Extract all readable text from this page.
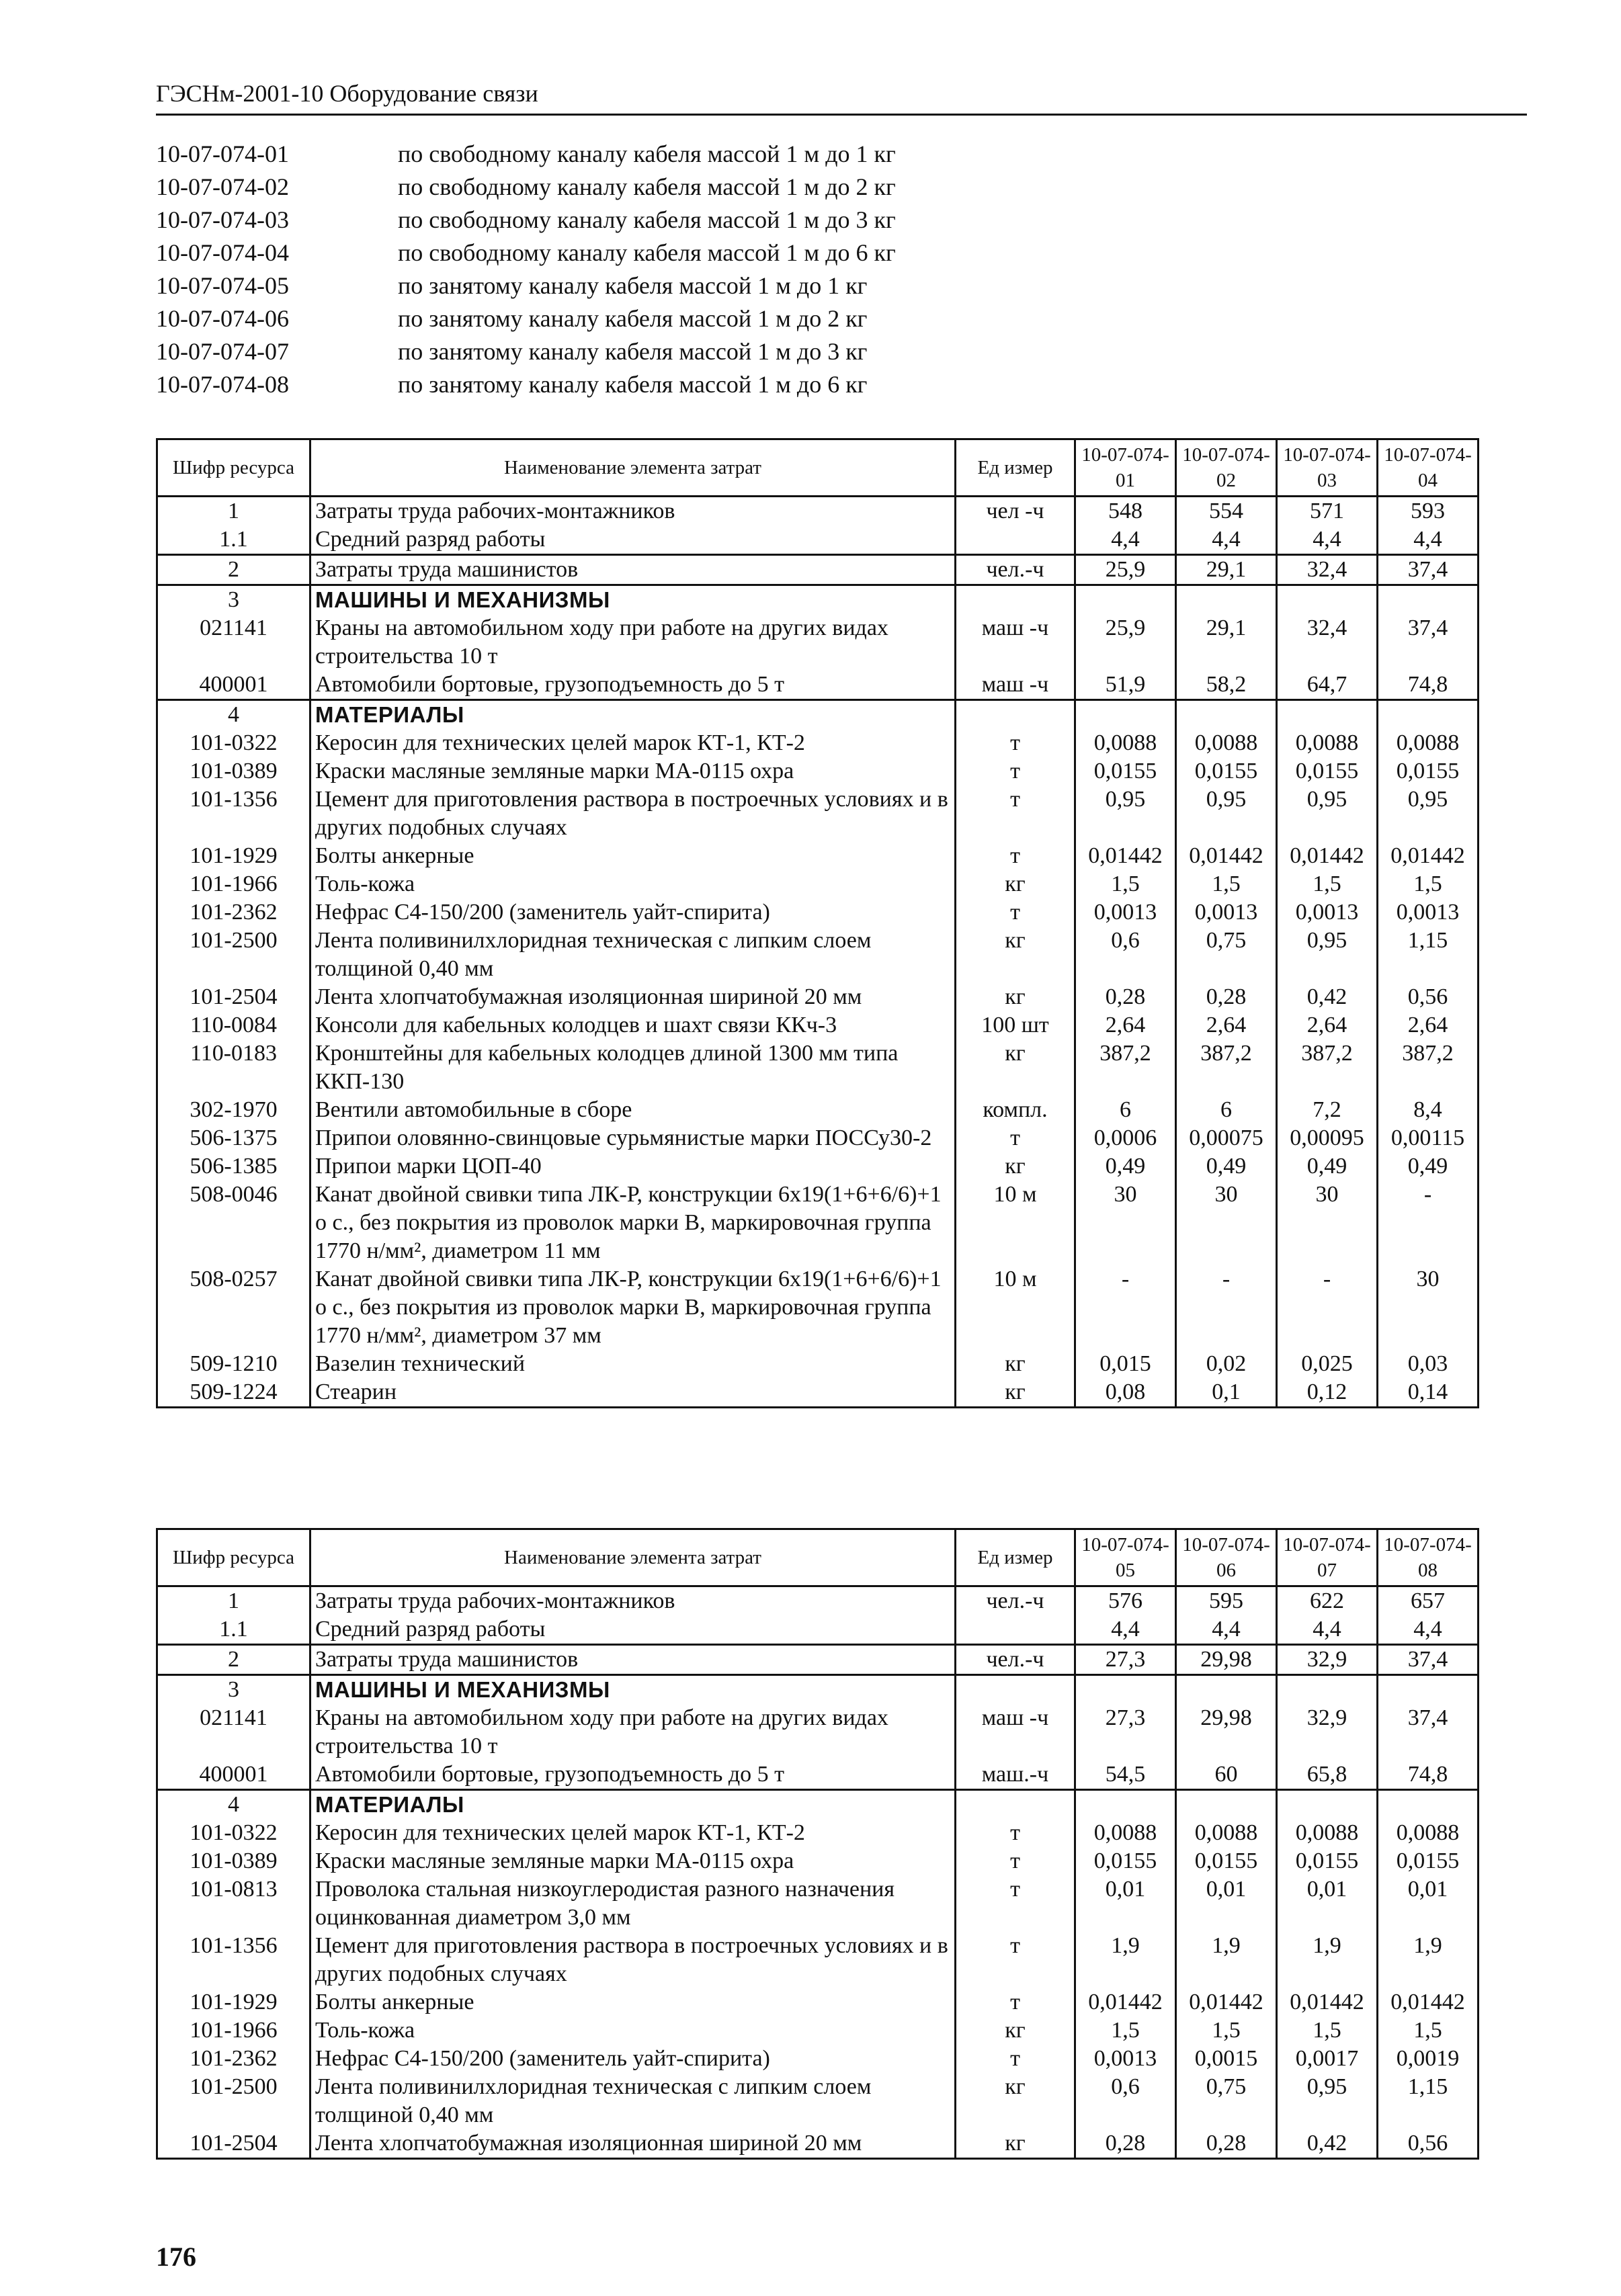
ГЭСНм-2001-10 Оборудование связи
10-07-074-01	по свободному каналу кабеля массой 1 м до 1 кг
10-07-074-02	по свободному каналу кабеля массой 1 м до 2 кг
10-07-074-03	по свободному каналу кабеля массой 1 м до 3 кг
10-07-074-04	по свободному каналу кабеля массой 1 м до 6 кг
10-07-074-05	по занятому каналу кабеля массой 1 м до 1 кг
10-07-074-06	по занятому каналу кабеля массой 1 м до 2 кг
10-07-074-07	по занятому каналу кабеля массой 1 м до 3 кг
10-07-074-08	по занятому каналу кабеля массой 1 м до 6 кг
Шифр ресурса	Наименование элемента затрат	Ед измер	10-07-074-01	10-07-074-02	10-07-074-03	10-07-074-04
1	Затраты труда рабочих-монтажников	чел -ч	548	554	571	593
1.1	Средний разряд работы		4,4	4,4	4,4	4,4
2	Затраты труда машинистов	чел.-ч	25,9	29,1	32,4	37,4
3	МАШИНЫ И МЕХАНИЗМЫ					
021141	Краны на автомобильном ходу при работе на других видах строительства 10 т	маш -ч	25,9	29,1	32,4	37,4
400001	Автомобили бортовые, грузоподъемность до 5 т	маш -ч	51,9	58,2	64,7	74,8
4	МАТЕРИАЛЫ					
101-0322	Керосин для технических целей марок КТ-1, КТ-2	т	0,0088	0,0088	0,0088	0,0088
101-0389	Краски масляные земляные марки МА-0115 охра	т	0,0155	0,0155	0,0155	0,0155
101-1356	Цемент для приготовления раствора в построечных условиях и в других подобных случаях	т	0,95	0,95	0,95	0,95
101-1929	Болты анкерные	т	0,01442	0,01442	0,01442	0,01442
101-1966	Толь-кожа	кг	1,5	1,5	1,5	1,5
101-2362	Нефрас С4-150/200 (заменитель уайт-спирита)	т	0,0013	0,0013	0,0013	0,0013
101-2500	Лента поливинилхлоридная техническая с липким слоем толщиной 0,40 мм	кг	0,6	0,75	0,95	1,15
101-2504	Лента хлопчатобумажная изоляционная шириной 20 мм	кг	0,28	0,28	0,42	0,56
110-0084	Консоли для кабельных колодцев и шахт связи ККч-3	100 шт	2,64	2,64	2,64	2,64
110-0183	Кронштейны для кабельных колодцев длиной 1300 мм типа ККП-130	кг	387,2	387,2	387,2	387,2
302-1970	Вентили автомобильные в сборе	компл.	6	6	7,2	8,4
506-1375	Припои оловянно-свинцовые сурьмянистые марки ПОССу30-2	т	0,0006	0,00075	0,00095	0,00115
506-1385	Припои марки ЦОП-40	кг	0,49	0,49	0,49	0,49
508-0046	Канат двойной свивки типа ЛК-Р, конструкции 6х19(1+6+6/6)+1 о с., без покрытия из проволок марки В, маркировочная группа 1770 н/мм², диаметром 11 мм	10 м	30	30	30	-
508-0257	Канат двойной свивки типа ЛК-Р, конструкции 6х19(1+6+6/6)+1 о с., без покрытия из проволок марки В, маркировочная группа 1770 н/мм², диаметром 37 мм	10 м	-	-	-	30
509-1210	Вазелин технический	кг	0,015	0,02	0,025	0,03
509-1224	Стеарин	кг	0,08	0,1	0,12	0,14
Шифр ресурса	Наименование элемента затрат	Ед измер	10-07-074-05	10-07-074-06	10-07-074-07	10-07-074-08
1	Затраты труда рабочих-монтажников	чел.-ч	576	595	622	657
1.1	Средний разряд работы		4,4	4,4	4,4	4,4
2	Затраты труда машинистов	чел.-ч	27,3	29,98	32,9	37,4
3	МАШИНЫ И МЕХАНИЗМЫ					
021141	Краны на автомобильном ходу при работе на других видах строительства 10 т	маш -ч	27,3	29,98	32,9	37,4
400001	Автомобили бортовые, грузоподъемность до 5 т	маш.-ч	54,5	60	65,8	74,8
4	МАТЕРИАЛЫ					
101-0322	Керосин для технических целей марок КТ-1, КТ-2	т	0,0088	0,0088	0,0088	0,0088
101-0389	Краски масляные земляные марки МА-0115 охра	т	0,0155	0,0155	0,0155	0,0155
101-0813	Проволока стальная низкоуглеродистая разного назначения оцинкованная диаметром 3,0 мм	т	0,01	0,01	0,01	0,01
101-1356	Цемент для приготовления раствора в построечных условиях и в других подобных случаях	т	1,9	1,9	1,9	1,9
101-1929	Болты анкерные	т	0,01442	0,01442	0,01442	0,01442
101-1966	Толь-кожа	кг	1,5	1,5	1,5	1,5
101-2362	Нефрас С4-150/200 (заменитель уайт-спирита)	т	0,0013	0,0015	0,0017	0,0019
101-2500	Лента поливинилхлоридная техническая с липким слоем толщиной 0,40 мм	кг	0,6	0,75	0,95	1,15
101-2504	Лента хлопчатобумажная изоляционная шириной 20 мм	кг	0,28	0,28	0,42	0,56
176
